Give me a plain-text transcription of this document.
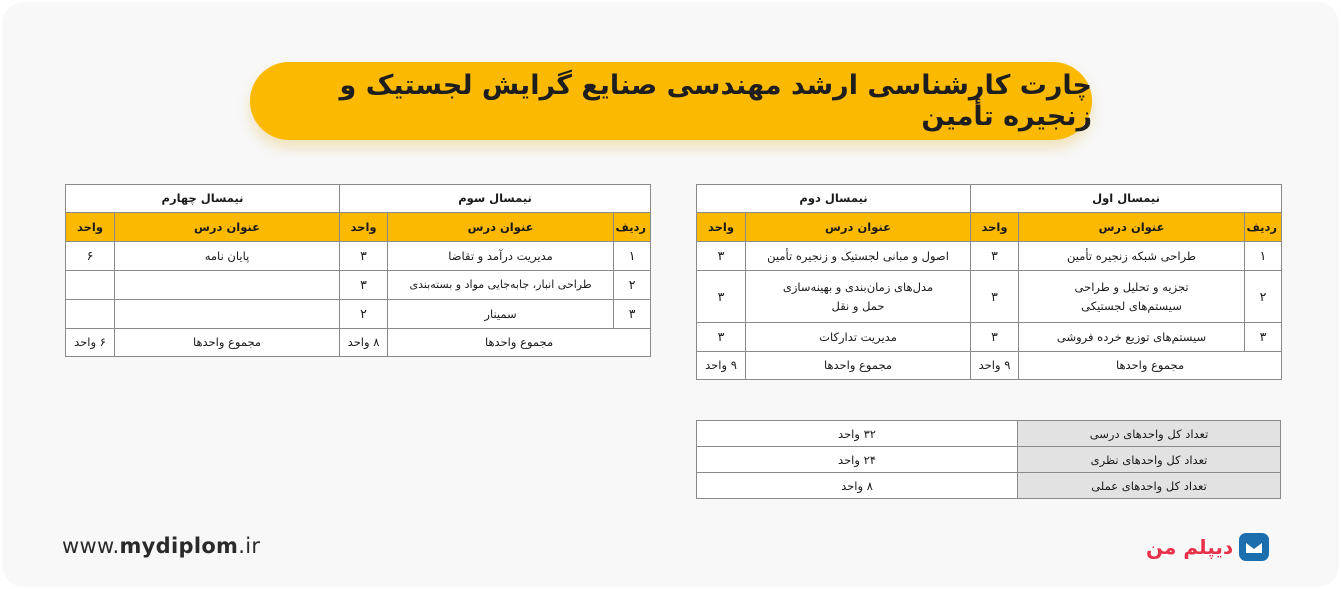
چارت کارشناسی ارشد مهندسی صنایع گرایش لجستیک و زنجیره تأمین
نیمسال اول			نیمسال دوم	
ردیف	عنوان درس	واحد	عنوان درس	واحد
۱	طراحی شبکه زنجیره تأمین	۳	اصول و مبانی لجستیک و زنجیره تأمین	۳
۲	تجزیه و تحلیل و طراحی سیستم‌های لجستیکی	۳	مدل‌های زمان‌بندی و بهینه‌سازی حمل و نقل	۳
۳	سیستم‌های توزیع خرده فروشی	۳	مدیریت تدارکات	۳
مجموع واحدها		۹ واحد	مجموع واحدها	۹ واحد
نیمسال سوم			نیمسال چهارم	
ردیف	عنوان درس	واحد	عنوان درس	واحد
۱	مدیریت درآمد و تقاضا	۳	پایان نامه	۶
۲	طراحی انبار، جابه‌جایی مواد و بسته‌بندی	۳		
۳	سمینار	۲		
مجموع واحدها		۸ واحد	مجموع واحدها	۶ واحد
تعداد کل واحدهای درسی	۳۲ واحد
تعداد کل واحدهای نظری	۲۴ واحد
تعداد کل واحدهای عملی	۸ واحد
www.mydiplom.ir	دیپلم من
